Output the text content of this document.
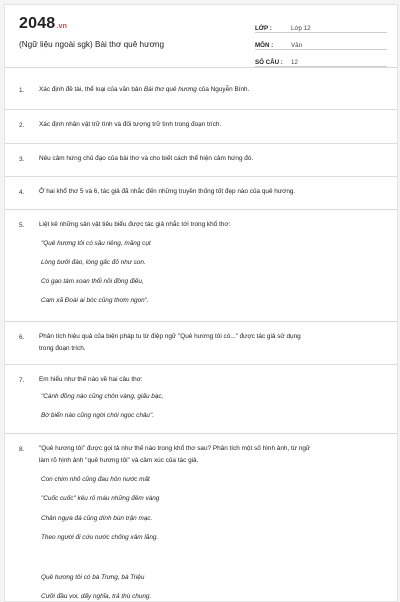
2048.vn
(Ngữ liệu ngoài sgk) Bài thơ quê hương
LỚP :	Lớp 12
MÔN :	Văn
SỐ CÂU :	12
1. Xác định đề tài, thể loại của văn bản Bài thơ quê hương của Nguyễn Bính.
2. Xác định nhân vật trữ tình và đối tượng trữ tình trong đoạn trích.
3. Nêu cảm hứng chủ đạo của bài thơ và cho biết cách thể hiện cảm hứng đó.
4. Ở hai khổ thơ 5 và 6, tác giả đã nhắc đến những truyền thống tốt đẹp nào của quê hương.
5. Liệt kê những sản vật tiêu biểu được tác giả nhắc tới trong khổ thơ:
"Quê hương tôi có sầu riêng, măng cụt
Lòng bưởi đào, lòng gấc đỏ như son.
Có gạo tám xoan thổi nồi đồng điếu,
Cam xã Đoài ai bóc cũng thơm ngon".
6. Phân tích hiệu quả của biện pháp tu từ điệp ngữ "Quê hương tôi có..." được tác giả sử dụng
trong đoạn trích.
7. Em hiểu như thế nào về hai câu thơ:
"Cánh đồng nào cũng chôn vàng, giấu bạc,
Bờ biển nào cũng ngời chói ngọc châu".
8. "Quê hương tôi" được gọi tả như thế nào trong khổ thơ sau? Phân tích một số hình ảnh, từ ngữ
làm rõ hình ảnh "quê hương tôi" và cảm xúc của tác giả.
Con chim nhỏ cũng đau hôn nước mất
"Cuốc cuốc" kêu rỏ máu những đêm vàng
Chân ngựa đá cũng dính bùn trận mạc.
Theo người đi cứu nước chống xâm lăng.
Quê hương tôi có bà Trưng, bà Triệu
Cưỡi đầu voi, dấy nghĩa, trả thù chung.
